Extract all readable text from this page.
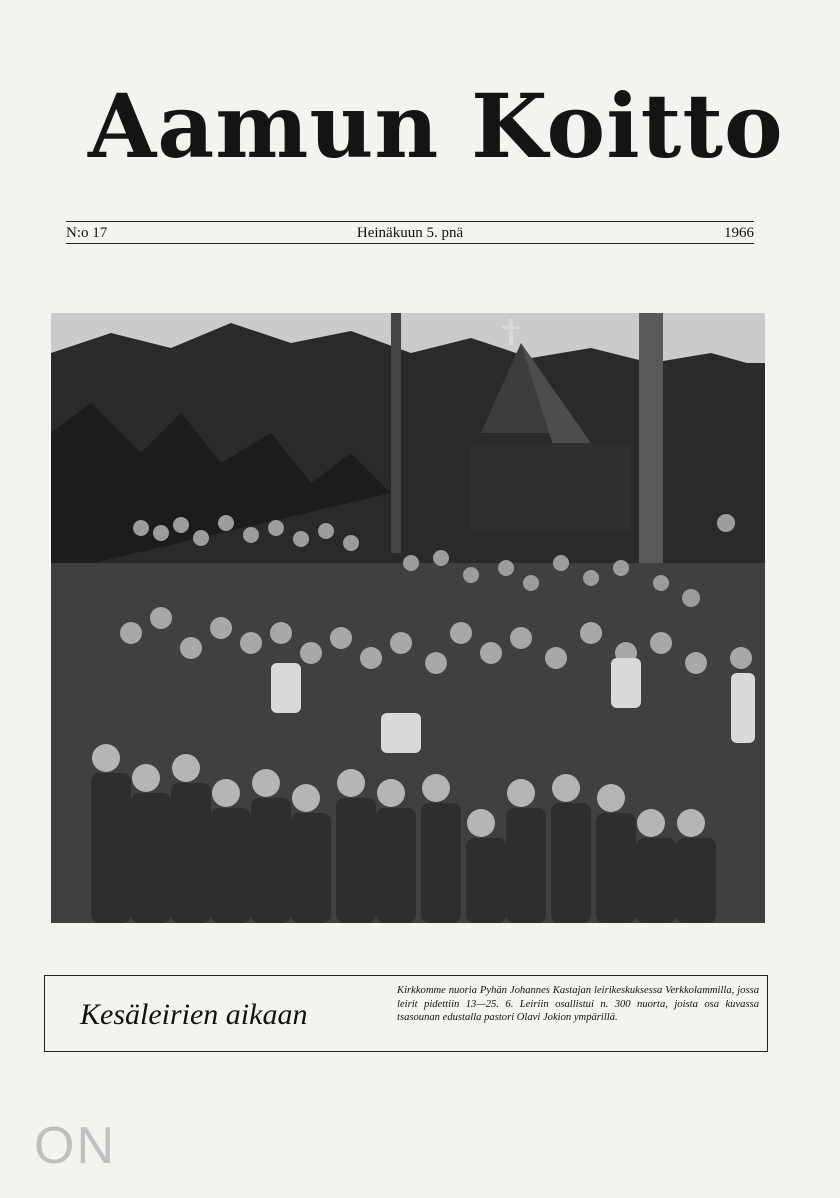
Aamun Koitto
N:o 17	Heinäkuun 5. pnä	1966
Kesäleirien aikaan
Kirkkomme nuoria Pyhän Johannes Kastajan leirikeskuksessa Verkkolammilla, jossa leirit pidettiin 13—25. 6. Leiriin osallistui n. 300 nuorta, joista osa kuvassa tsasounan edustalla pastori Olavi Jokion ympärillä.
ON
